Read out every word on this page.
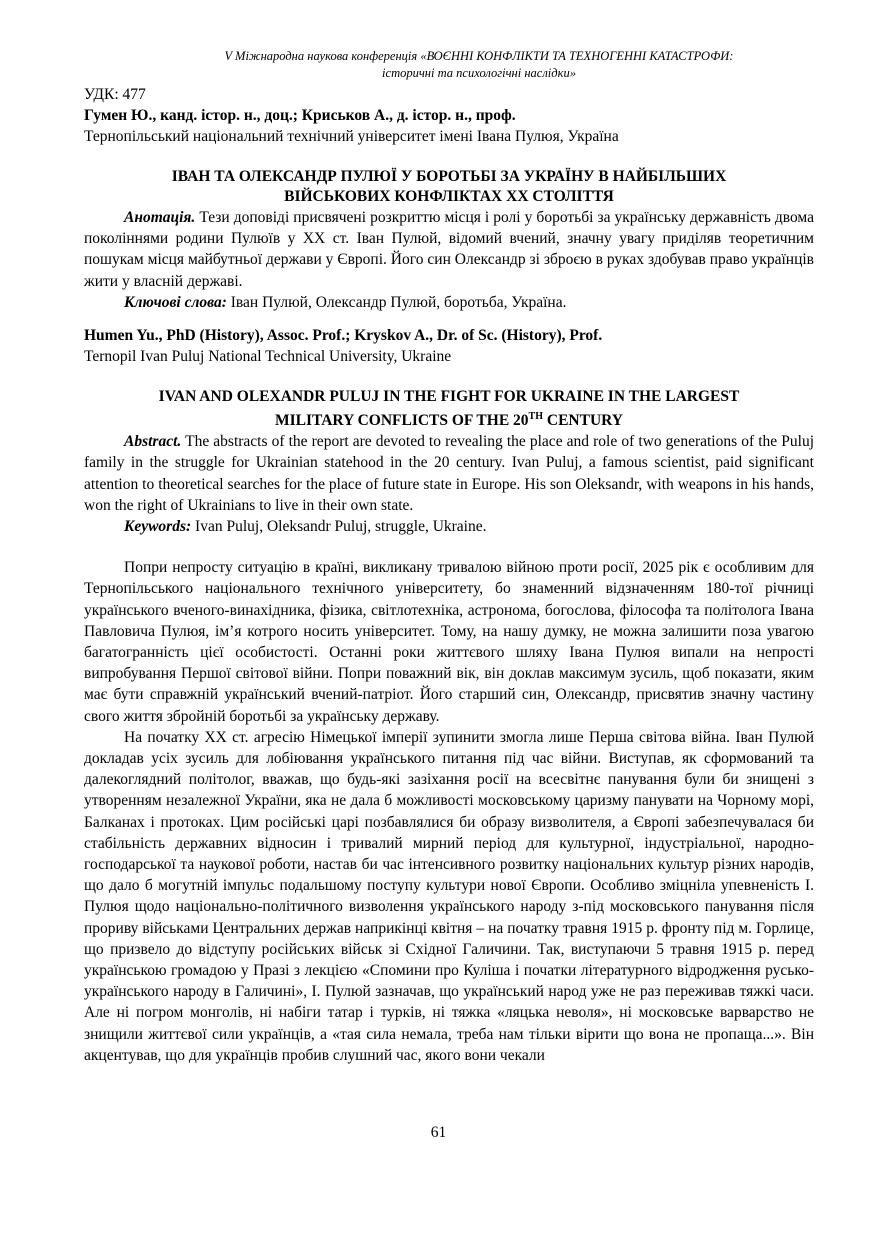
V Міжнародна наукова конференція «ВОЄННІ КОНФЛІКТИ ТА ТЕХНОГЕННІ КАТАСТРОФИ:
історичні та психологічні наслідки»
УДК: 477
Гумен Ю., канд. істор. н., доц.; Криськов А., д. істор. н., проф.
Тернопільський національний технічний університет імені Івана Пулюя, Україна
ІВАН ТА ОЛЕКСАНДР ПУЛЮЇ У БОРОТЬБІ ЗА УКРАЇНУ В НАЙБІЛЬШИХ
ВІЙСЬКОВИХ КОНФЛІКТАХ ХХ СТОЛІТТЯ

Анотація. Тези доповіді присвячені розкриттю місця і ролі у боротьбі за українську державність двома поколіннями родини Пулюїв у ХХ ст. Іван Пулюй, відомий вчений, значну увагу приділяв теоретичним пошукам місця майбутньої держави у Європі. Його син Олександр зі зброєю в руках здобував право українців жити у власній державі.

Ключові слова: Іван Пулюй, Олександр Пулюй, боротьба, Україна.

Humen Yu., PhD (History), Assoc. Prof.; Kryskov A., Dr. of Sc. (History), Prof.
Ternopil Ivan Puluj National Technical University, Ukraine
IVAN AND OLEXANDR PULUJ IN THE FIGHT FOR UKRAINE IN THE LARGEST
MILITARY CONFLICTS OF THE 20TH CENTURY

Abstract. The abstracts of the report are devoted to revealing the place and role of two generations of the Puluj family in the struggle for Ukrainian statehood in the 20 century. Ivan Puluj, a famous scientist, paid significant attention to theoretical searches for the place of future state in Europe. His son Oleksandr, with weapons in his hands, won the right of Ukrainians to live in their own state.

Keywords: Ivan Puluj, Oleksandr Puluj, struggle, Ukraine.

Попри непросту ситуацію в країні, викликану тривалою війною проти росії, 2025 рік є особливим для Тернопільського національного технічного університету, бо знаменний відзначенням 180-тої річниці українського вченого-винахідника, фізика, світлотехніка, астронома, богослова, філософа та політолога Івана Павловича Пулюя, ім’я котрого носить університет. Тому, на нашу думку, не можна залишити поза увагою багатогранність цієї особистості. Останні роки життєвого шляху Івана Пулюя випали на непрості випробування Першої світової війни. Попри поважний вік, він доклав максимум зусиль, щоб показати, яким має бути справжній український вчений-патріот. Його старший син, Олександр, присвятив значну частину свого життя збройній боротьбі за українську державу.

На початку ХХ ст. агресію Німецької імперії зупинити змогла лише Перша світова війна. Іван Пулюй докладав усіх зусиль для лобіювання українського питання під час війни. Виступав, як сформований та далекоглядний політолог, вважав, що будь-які зазіхання росії на всесвітнє панування були би знищені з утворенням незалежної України, яка не дала б можливості московському царизму панувати на Чорному морі, Балканах і протоках. Цим російські царі позбавлялися би образу визволителя, а Європі забезпечувалася би стабільність державних відносин і тривалий мирний період для культурної, індустріальної, народно-господарської та наукової роботи, настав би час інтенсивного розвитку національних культур різних народів, що дало б могутній імпульс подальшому поступу культури нової Європи. Особливо зміцніла упевненість І. Пулюя щодо національно-політичного визволення українського народу з-під московського панування після прориву військами Центральних держав наприкінці квітня – на початку травня 1915 р. фронту під м. Горлице, що призвело до відступу російських військ зі Східної Галичини. Так, виступаючи 5 травня 1915 р. перед українською громадою у Празі з лекцією «Спомини про Куліша і початки літературного відродження русько-українського народу в Галичині», І. Пулюй зазначав, що український народ уже не раз переживав тяжкі часи. Але ні погром монголів, ні набіги татар і турків, ні тяжка «ляцька неволя», ні московське варварство не знищили життєвої сили українців, а «тая сила немала, треба нам тільки вірити що вона не пропаща...». Він акцентував, що для українців пробив слушний час, якого вони чекали

61
